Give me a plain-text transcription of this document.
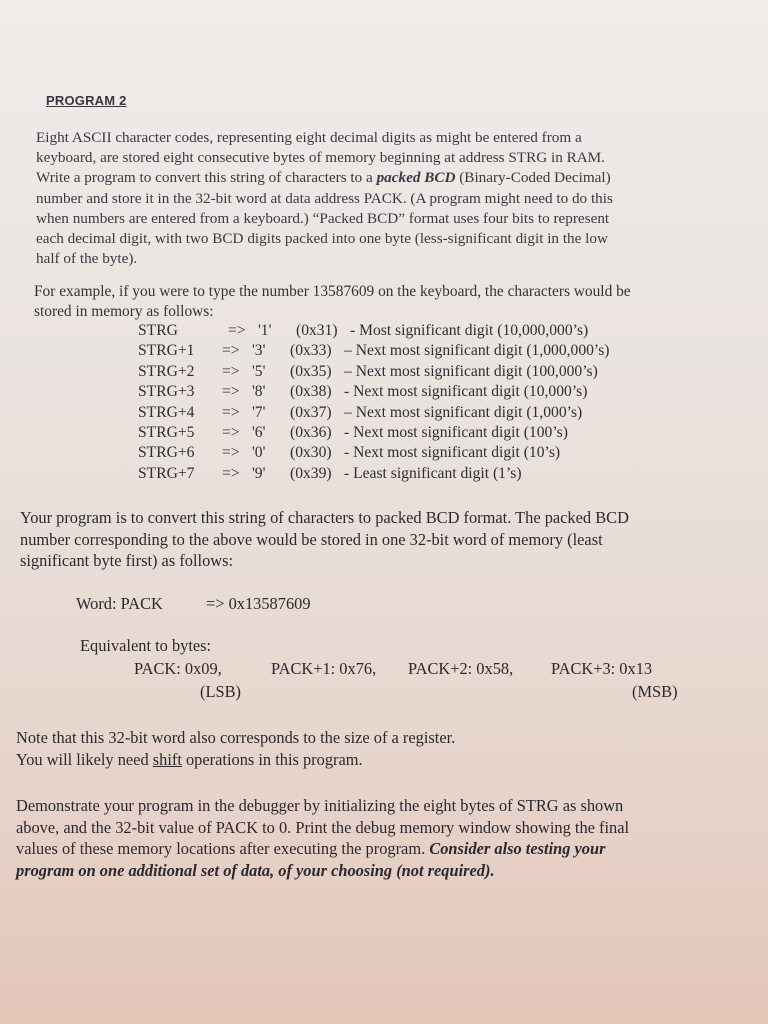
PROGRAM 2
Eight ASCII character codes, representing eight decimal digits as might be entered from a
keyboard, are stored eight consecutive bytes of memory beginning at address STRG in RAM.
Write a program to convert this string of characters to a packed BCD (Binary-Coded Decimal)
number and store it in the 32-bit word at data address PACK. (A program might need to do this
when numbers are entered from a keyboard.) “Packed BCD” format uses four bits to represent
each decimal digit, with two BCD digits packed into one byte (less-significant digit in the low
half of the byte).
For example, if you were to type the number 13587609 on the keyboard, the characters would be
stored in memory as follows:
STRG	=> '1'	(0x31) - Most significant digit (10,000,000’s)
STRG+1	=> '3'	(0x33) – Next most significant digit (1,000,000’s)
STRG+2	=> '5'	(0x35) – Next most significant digit (100,000’s)
STRG+3	=> '8'	(0x38) - Next most significant digit (10,000’s)
STRG+4	=> '7'	(0x37) – Next most significant digit (1,000’s)
STRG+5	=> '6'	(0x36) - Next most significant digit (100’s)
STRG+6	=> '0'	(0x30) - Next most significant digit (10’s)
STRG+7	=> '9'	(0x39) - Least significant digit (1’s)
Your program is to convert this string of characters to packed BCD format. The packed BCD
number corresponding to the above would be stored in one 32-bit word of memory (least
significant byte first) as follows:
Word: PACK	=> 0x13587609
Equivalent to bytes:
PACK: 0x09,	PACK+1: 0x76, PACK+2: 0x58, PACK+3: 0x13
(LSB)	(MSB)
Note that this 32-bit word also corresponds to the size of a register.
You will likely need shift operations in this program.
Demonstrate your program in the debugger by initializing the eight bytes of STRG as shown
above, and the 32-bit value of PACK to 0. Print the debug memory window showing the final
values of these memory locations after executing the program. Consider also testing your
program on one additional set of data, of your choosing (not required).
